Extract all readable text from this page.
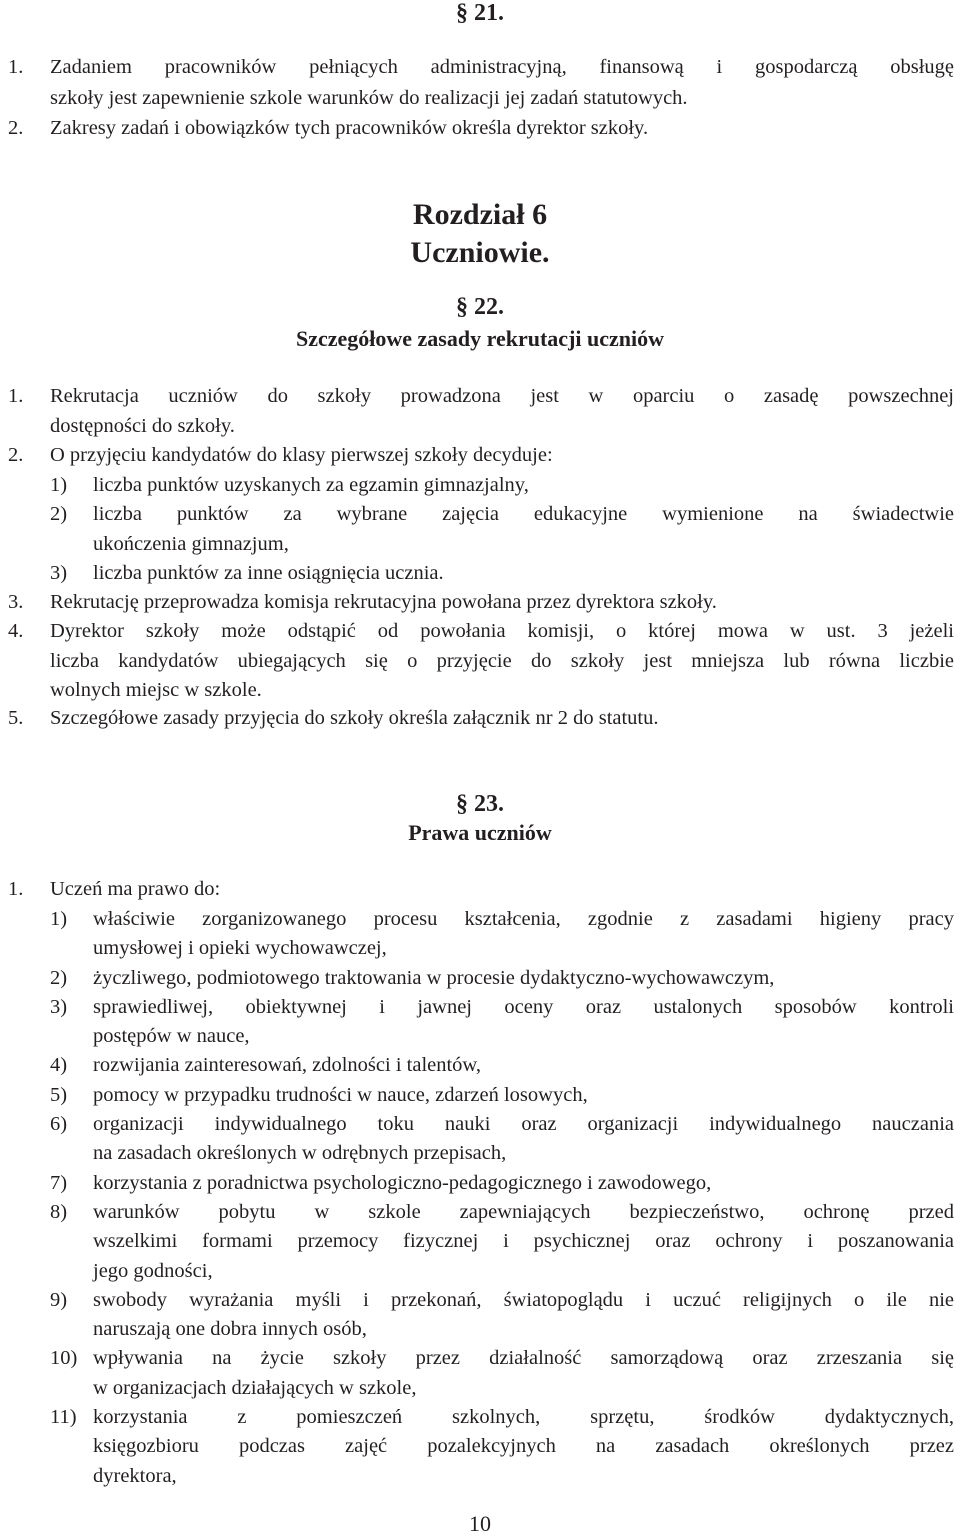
§ 21.
1. Zadaniem pracowników pełniących administracyjną, finansową i gospodarczą obsługę
szkoły jest zapewnienie szkole warunków do realizacji jej zadań statutowych.
2. Zakresy zadań i obowiązków tych pracowników określa dyrektor szkoły.
Rozdział 6
Uczniowie.
§ 22.
Szczegółowe zasady rekrutacji uczniów
1. Rekrutacja uczniów do szkoły prowadzona jest w oparciu o zasadę powszechnej
dostępności do szkoły.
2. O przyjęciu kandydatów do klasy pierwszej szkoły decyduje:
1) liczba punktów uzyskanych za egzamin gimnazjalny,
2) liczba punktów za wybrane zajęcia edukacyjne wymienione na świadectwie
ukończenia gimnazjum,
3) liczba punktów za inne osiągnięcia ucznia.
3. Rekrutację przeprowadza komisja rekrutacyjna powołana przez dyrektora szkoły.
4. Dyrektor szkoły może odstąpić od powołania komisji, o której mowa w ust. 3 jeżeli
liczba kandydatów ubiegających się o przyjęcie do szkoły jest mniejsza lub równa liczbie
wolnych miejsc w szkole.
5. Szczegółowe zasady przyjęcia do szkoły określa załącznik nr 2 do statutu.
§ 23.
Prawa uczniów
1. Uczeń ma prawo do:
1) właściwie zorganizowanego procesu kształcenia, zgodnie z zasadami higieny pracy
umysłowej i opieki wychowawczej,
2) życzliwego, podmiotowego traktowania w procesie dydaktyczno-wychowawczym,
3) sprawiedliwej, obiektywnej i jawnej oceny oraz ustalonych sposobów kontroli
postępów w nauce,
4) rozwijania zainteresowań, zdolności i talentów,
5) pomocy w przypadku trudności w nauce, zdarzeń losowych,
6) organizacji indywidualnego toku nauki oraz organizacji indywidualnego nauczania
na zasadach określonych w odrębnych przepisach,
7) korzystania z poradnictwa psychologiczno-pedagogicznego i zawodowego,
8) warunków pobytu w szkole zapewniających bezpieczeństwo, ochronę przed
wszelkimi formami przemocy fizycznej i psychicznej oraz ochrony i poszanowania
jego godności,
9) swobody wyrażania myśli i przekonań, światopoglądu i uczuć religijnych o ile nie
naruszają one dobra innych osób,
10) wpływania na życie szkoły przez działalność samorządową oraz zrzeszania się
w organizacjach działających w szkole,
11) korzystania z pomieszczeń szkolnych, sprzętu, środków dydaktycznych,
księgozbioru podczas zajęć pozalekcyjnych na zasadach określonych przez
dyrektora,
10
